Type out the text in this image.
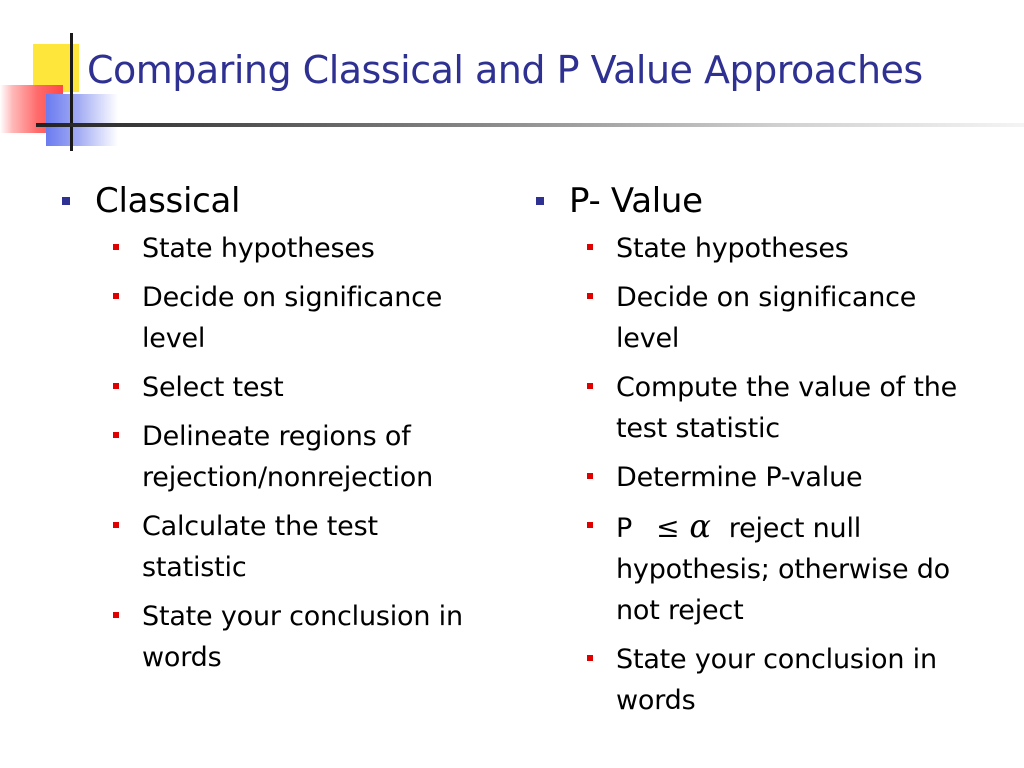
Comparing Classical and P Value Approaches
Classical
State hypotheses
Decide on significance level
Select test
Delineate regions of rejection/nonrejection
Calculate the test statistic
State your conclusion in words
P- Value
State hypotheses
Decide on significance level
Compute the value of the test statistic
Determine P-value
P ≤ α reject null hypothesis; otherwise do not reject
State your conclusion in words
